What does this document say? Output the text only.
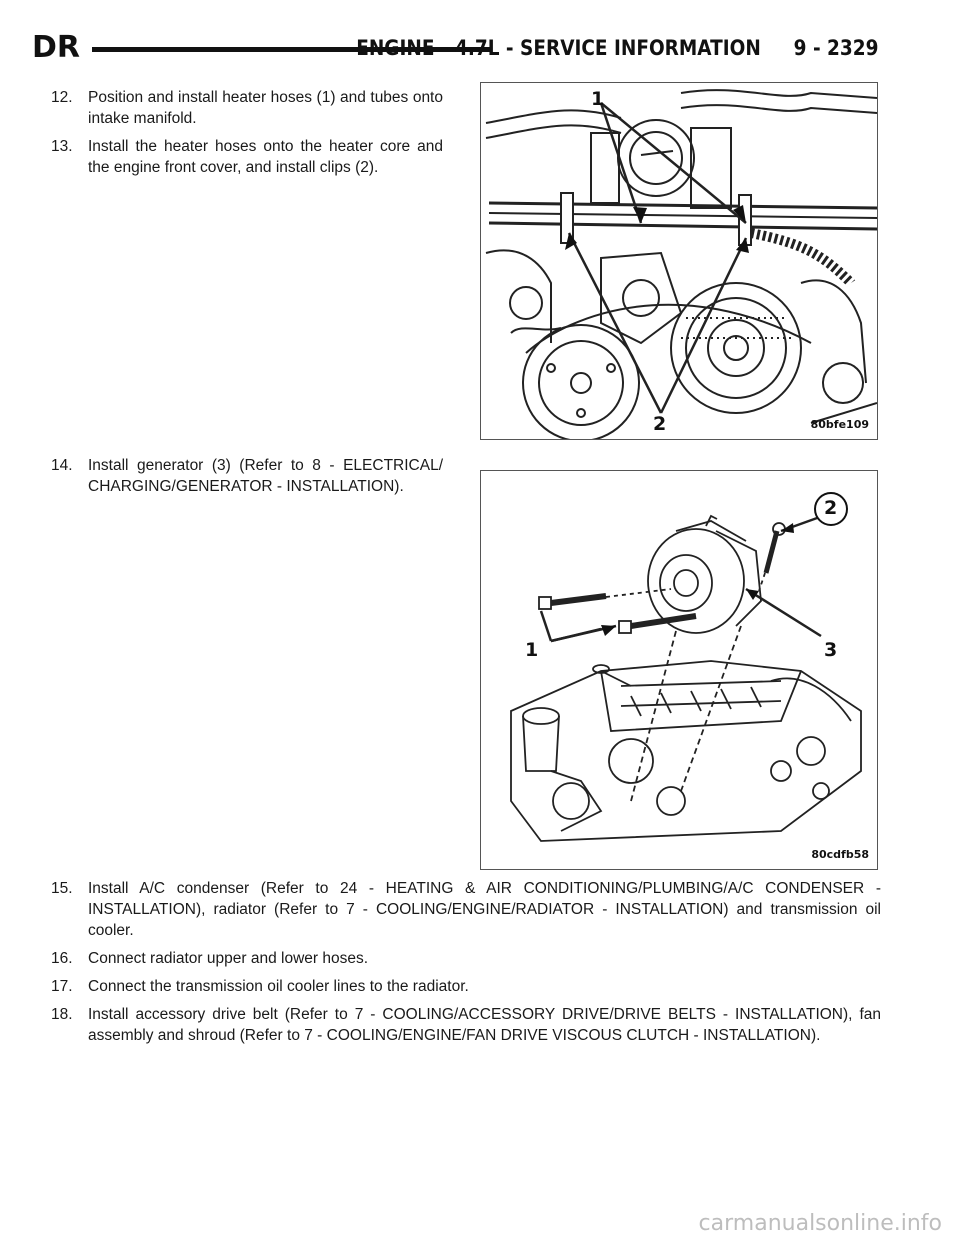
DR	ENGINE - 4.7L - SERVICE INFORMATION 9 - 2329
12. Position and install heater hoses (1) and tubes onto intake manifold.
13. Install the heater hoses onto the heater core and the engine front cover, and install clips (2).
1
2	80bfe109
14. Install generator (3) (Refer to 8 - ELECTRICAL/ CHARGING/GENERATOR - INSTALLATION).
2
1	3
80cdfb58
15. Install A/C condenser (Refer to 24 - HEATING & AIR CONDITIONING/PLUMBING/A/C CONDENSER - INSTALLATION), radiator (Refer to 7 - COOLING/ENGINE/RADIATOR - INSTALLATION) and transmission oil cooler.
16. Connect radiator upper and lower hoses.
17. Connect the transmission oil cooler lines to the radiator.
18. Install accessory drive belt (Refer to 7 - COOLING/ACCESSORY DRIVE/DRIVE BELTS - INSTALLATION), fan assembly and shroud (Refer to 7 - COOLING/ENGINE/FAN DRIVE VISCOUS CLUTCH - INSTALLATION).
carmanualsonline.info
